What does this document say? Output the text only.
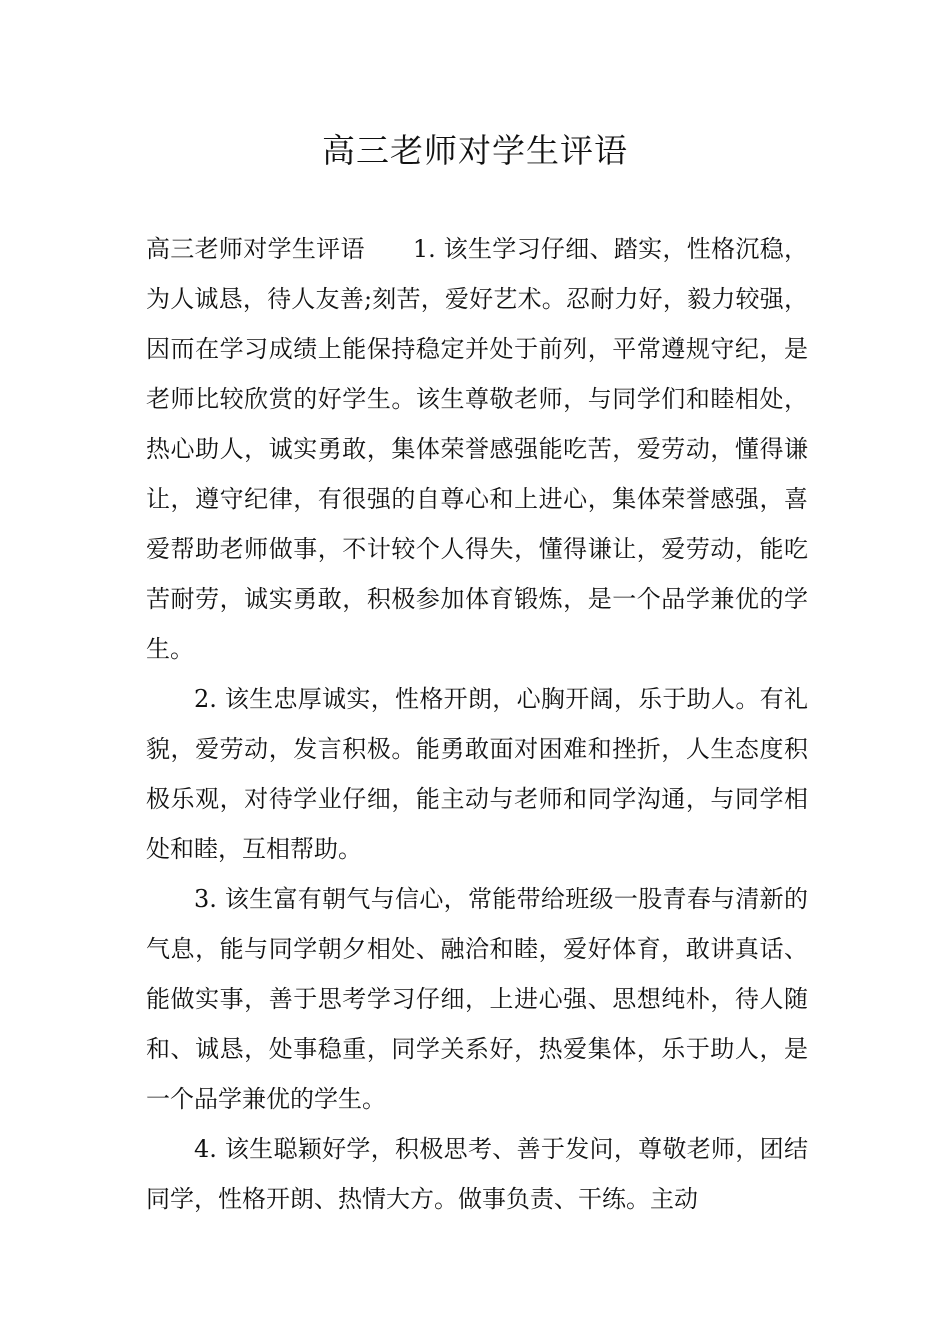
高三老师对学生评语

高三老师对学生评语 1. 该生学习仔细、踏实，性格沉稳，为人诚恳，待人友善;刻苦，爱好艺术。忍耐力好，毅力较强，因而在学习成绩上能保持稳定并处于前列，平常遵规守纪，是老师比较欣赏的好学生。该生尊敬老师，与同学们和睦相处，热心助人，诚实勇敢，集体荣誉感强能吃苦，爱劳动，懂得谦让，遵守纪律，有很强的自尊心和上进心，集体荣誉感强，喜爱帮助老师做事，不计较个人得失，懂得谦让，爱劳动，能吃苦耐劳，诚实勇敢，积极参加体育锻炼，是一个品学兼优的学生。

2. 该生忠厚诚实，性格开朗，心胸开阔，乐于助人。有礼貌，爱劳动，发言积极。能勇敢面对困难和挫折，人生态度积极乐观，对待学业仔细，能主动与老师和同学沟通，与同学相处和睦，互相帮助。

3. 该生富有朝气与信心，常能带给班级一股青春与清新的气息，能与同学朝夕相处、融洽和睦，爱好体育，敢讲真话、能做实事，善于思考学习仔细，上进心强、思想纯朴，待人随和、诚恳，处事稳重，同学关系好，热爱集体，乐于助人，是一个品学兼优的学生。

4. 该生聪颖好学，积极思考、善于发问，尊敬老师，团结同学，性格开朗、热情大方。做事负责、干练。主动
